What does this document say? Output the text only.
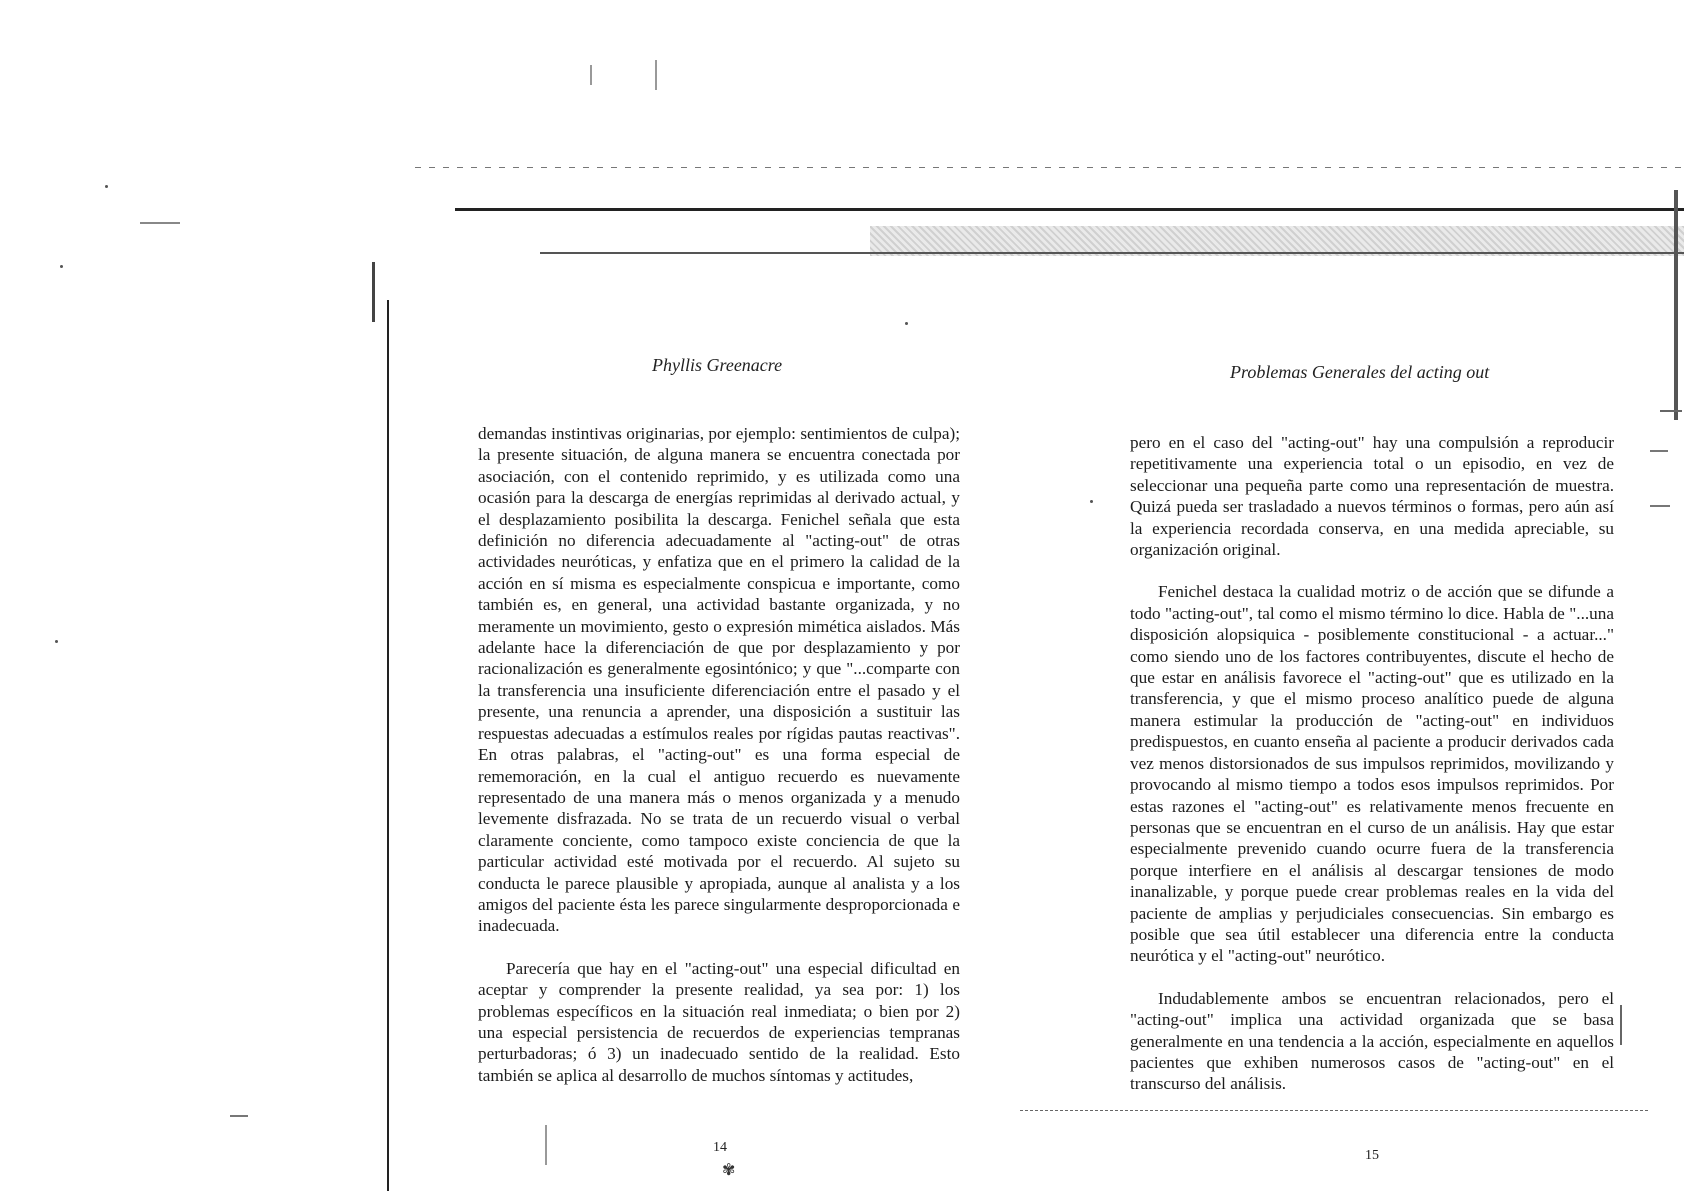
Phyllis Greenacre

demandas instintivas originarias, por ejemplo: sentimientos de culpa); la presente situación, de alguna manera se encuentra conectada por asociación, con el contenido reprimido, y es utilizada como una ocasión para la descarga de energías reprimidas al derivado actual, y el desplazamiento posibilita la descarga. Fenichel señala que esta definición no diferencia adecuadamente al "acting-out" de otras actividades neuróticas, y enfatiza que en el primero la calidad de la acción en sí misma es especialmente conspicua e importante, como también es, en general, una actividad bastante organizada, y no meramente un movimiento, gesto o expresión mimética aislados. Más adelante hace la diferenciación de que por desplazamiento y por racionalización es generalmente egosintónico; y que "...comparte con la transferencia una insuficiente diferenciación entre el pasado y el presente, una renuncia a aprender, una disposición a sustituir las respuestas adecuadas a estímulos reales por rígidas pautas reactivas". En otras palabras, el "acting-out" es una forma especial de rememoración, en la cual el antiguo recuerdo es nuevamente representado de una manera más o menos organizada y a menudo levemente disfrazada. No se trata de un recuerdo visual o verbal claramente conciente, como tampoco existe conciencia de que la particular actividad esté motivada por el recuerdo. Al sujeto su conducta le parece plausible y apropiada, aunque al analista y a los amigos del paciente ésta les parece singularmente desproporcionada e inadecuada.

Parecería que hay en el "acting-out" una especial dificultad en aceptar y comprender la presente realidad, ya sea por: 1) los problemas específicos en la situación real inmediata; o bien por 2) una especial persistencia de recuerdos de experiencias tempranas perturbadoras; ó 3) un inadecuado sentido de la realidad. Esto también se aplica al desarrollo de muchos síntomas y actitudes,

14
✾
Problemas Generales del acting out

pero en el caso del "acting-out" hay una compulsión a reproducir repetitivamente una experiencia total o un episodio, en vez de seleccionar una pequeña parte como una representación de muestra. Quizá pueda ser trasladado a nuevos términos o formas, pero aún así la experiencia recordada conserva, en una medida apreciable, su organización original.

Fenichel destaca la cualidad motriz o de acción que se difunde a todo "acting-out", tal como el mismo término lo dice. Habla de "...una disposición alopsiquica - posiblemente constitucional - a actuar..." como siendo uno de los factores contribuyentes, discute el hecho de que estar en análisis favorece el "acting-out" que es utilizado en la transferencia, y que el mismo proceso analítico puede de alguna manera estimular la producción de "acting-out" en individuos predispuestos, en cuanto enseña al paciente a producir derivados cada vez menos distorsionados de sus impulsos reprimidos, movilizando y provocando al mismo tiempo a todos esos impulsos reprimidos. Por estas razones el "acting-out" es relativamente menos frecuente en personas que se encuentran en el curso de un análisis. Hay que estar especialmente prevenido cuando ocurre fuera de la transferencia porque interfiere en el análisis al descargar tensiones de modo inanalizable, y porque puede crear problemas reales en la vida del paciente de amplias y perjudiciales consecuencias. Sin embargo es posible que sea útil establecer una diferencia entre la conducta neurótica y el "acting-out" neurótico.

Indudablemente ambos se encuentran relacionados, pero el "acting-out" implica una actividad organizada que se basa generalmente en una tendencia a la acción, especialmente en aquellos pacientes que exhiben numerosos casos de "acting-out" en el transcurso del análisis.

15
